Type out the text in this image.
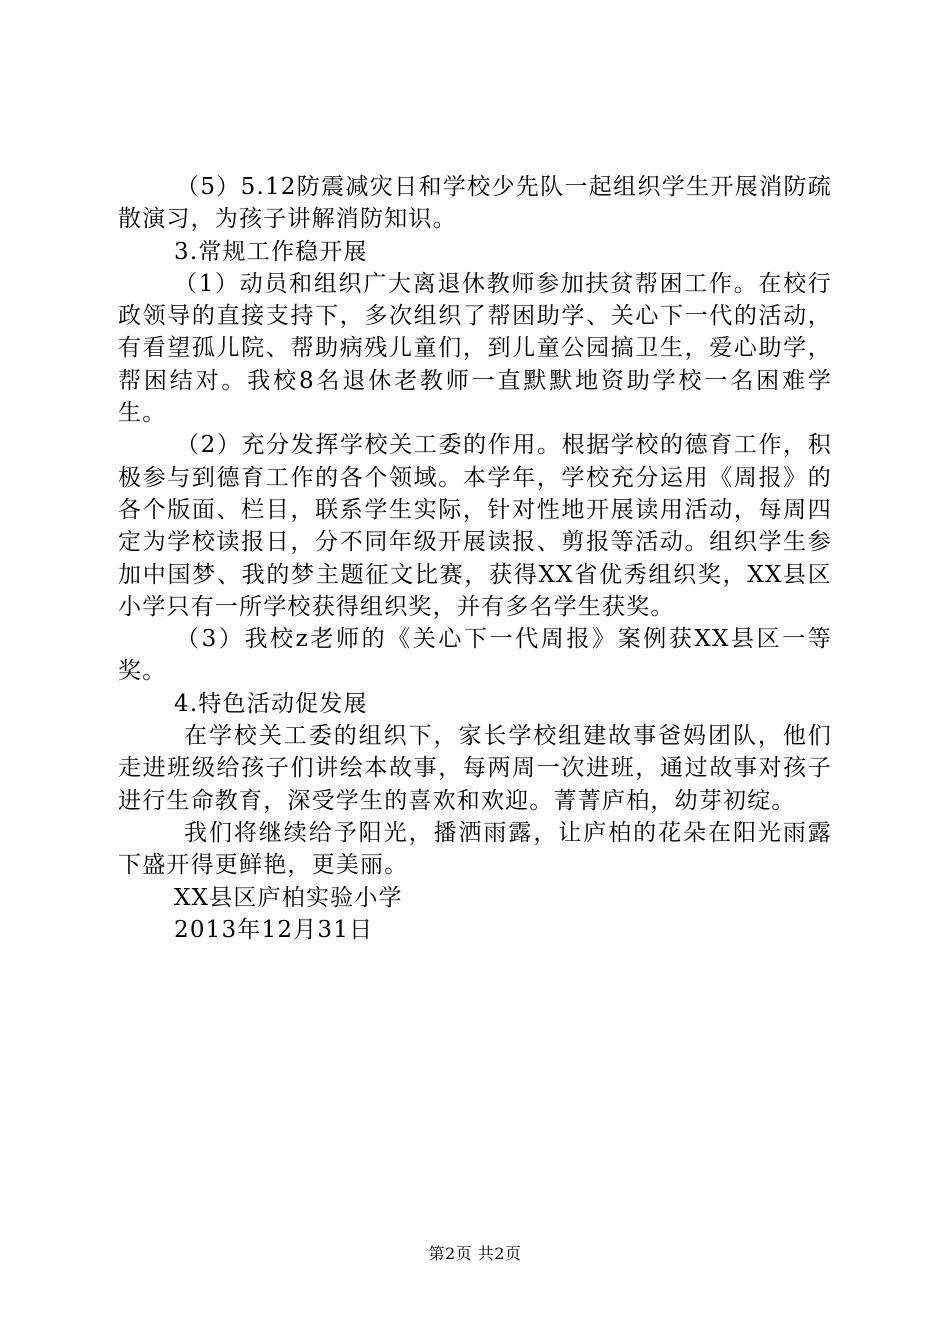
（5）5.12防震减灾日和学校少先队一起组织学生开展消防疏散演习，为孩子讲解消防知识。

3.常规工作稳开展

（1）动员和组织广大离退休教师参加扶贫帮困工作。在校行政领导的直接支持下，多次组织了帮困助学、关心下一代的活动，有看望孤儿院、帮助病残儿童们，到儿童公园搞卫生，爱心助学，帮困结对。我校8名退休老教师一直默默地资助学校一名困难学生。

（2）充分发挥学校关工委的作用。根据学校的德育工作，积极参与到德育工作的各个领域。本学年，学校充分运用《周报》的各个版面、栏目，联系学生实际，针对性地开展读用活动，每周四定为学校读报日，分不同年级开展读报、剪报等活动。组织学生参加中国梦、我的梦主题征文比赛，获得XX省优秀组织奖，XX县区小学只有一所学校获得组织奖，并有多名学生获奖。

（3）我校z老师的《关心下一代周报》案例获XX县区一等奖。

4.特色活动促发展

在学校关工委的组织下，家长学校组建故事爸妈团队，他们走进班级给孩子们讲绘本故事，每两周一次进班，通过故事对孩子进行生命教育，深受学生的喜欢和欢迎。菁菁庐柏，幼芽初绽。

我们将继续给予阳光，播洒雨露，让庐柏的花朵在阳光雨露下盛开得更鲜艳，更美丽。

XX县区庐柏实验小学

2013年12月31日

第2页 共2页
